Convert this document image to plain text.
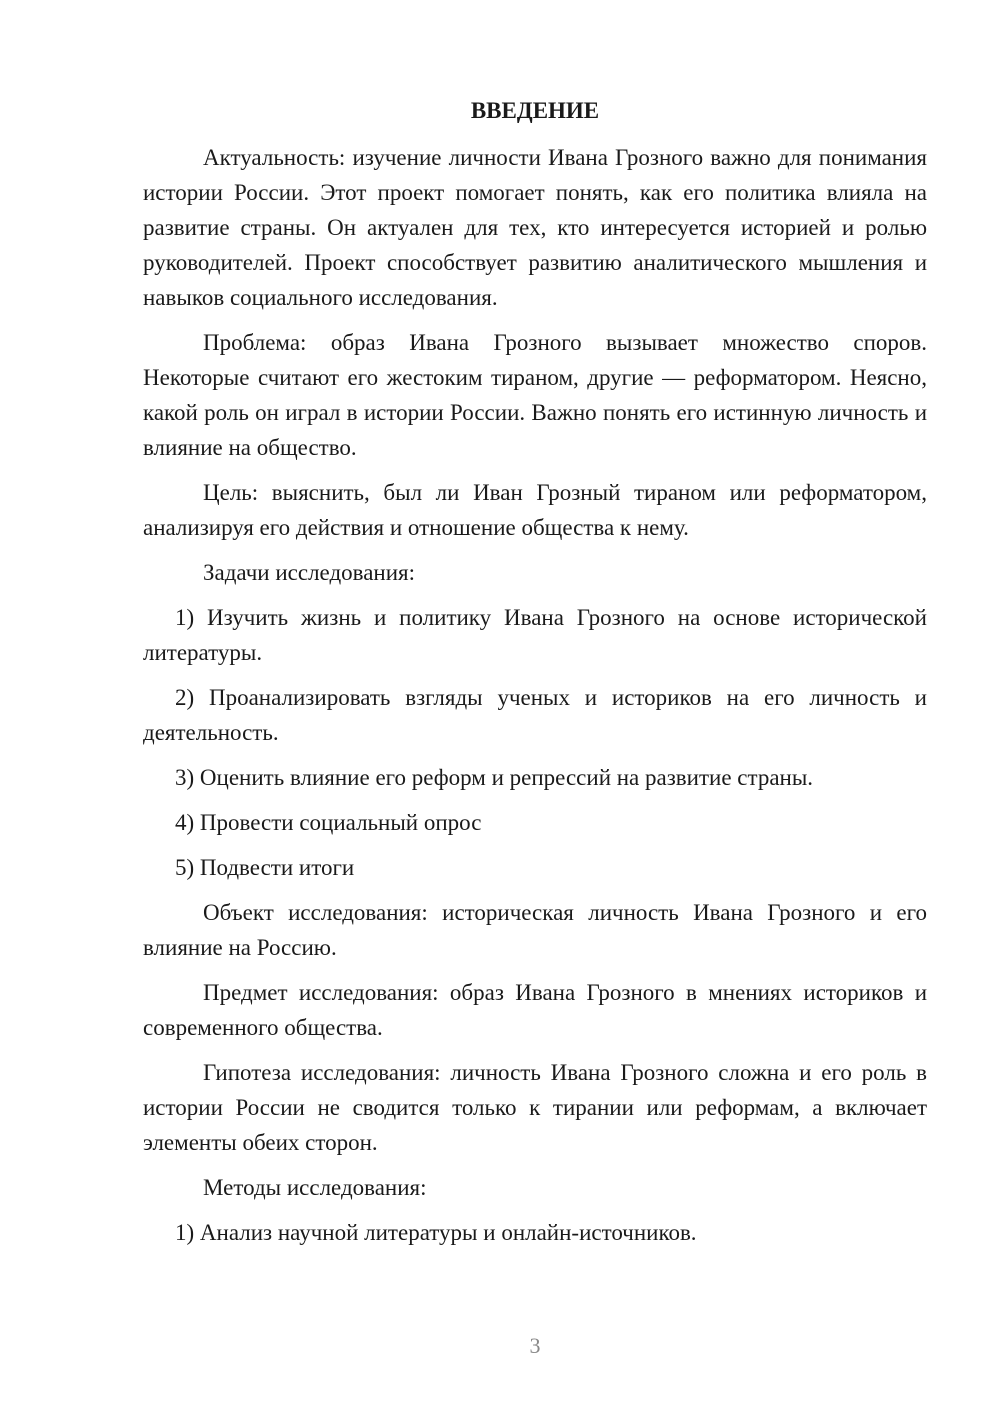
ВВЕДЕНИЕ

Актуальность: изучение личности Ивана Грозного важно для понимания истории России. Этот проект помогает понять, как его политика влияла на развитие страны. Он актуален для тех, кто интересуется историей и ролью руководителей. Проект способствует развитию аналитического мышления и навыков социального исследования.

Проблема: образ Ивана Грозного вызывает множество споров. Некоторые считают его жестоким тираном, другие — реформатором. Неясно, какой роль он играл в истории России. Важно понять его истинную личность и влияние на общество.

Цель: выяснить, был ли Иван Грозный тираном или реформатором, анализируя его действия и отношение общества к нему.

Задачи исследования:

1) Изучить жизнь и политику Ивана Грозного на основе исторической литературы.

2) Проанализировать взгляды ученых и историков на его личность и деятельность.

3) Оценить влияние его реформ и репрессий на развитие страны.

4) Провести социальный опрос

5) Подвести итоги

Объект исследования: историческая личность Ивана Грозного и его влияние на Россию.

Предмет исследования: образ Ивана Грозного в мнениях историков и современного общества.

Гипотеза исследования: личность Ивана Грозного сложна и его роль в истории России не сводится только к тирании или реформам, а включает элементы обеих сторон.

Методы исследования:

1) Анализ научной литературы и онлайн-источников.

3
